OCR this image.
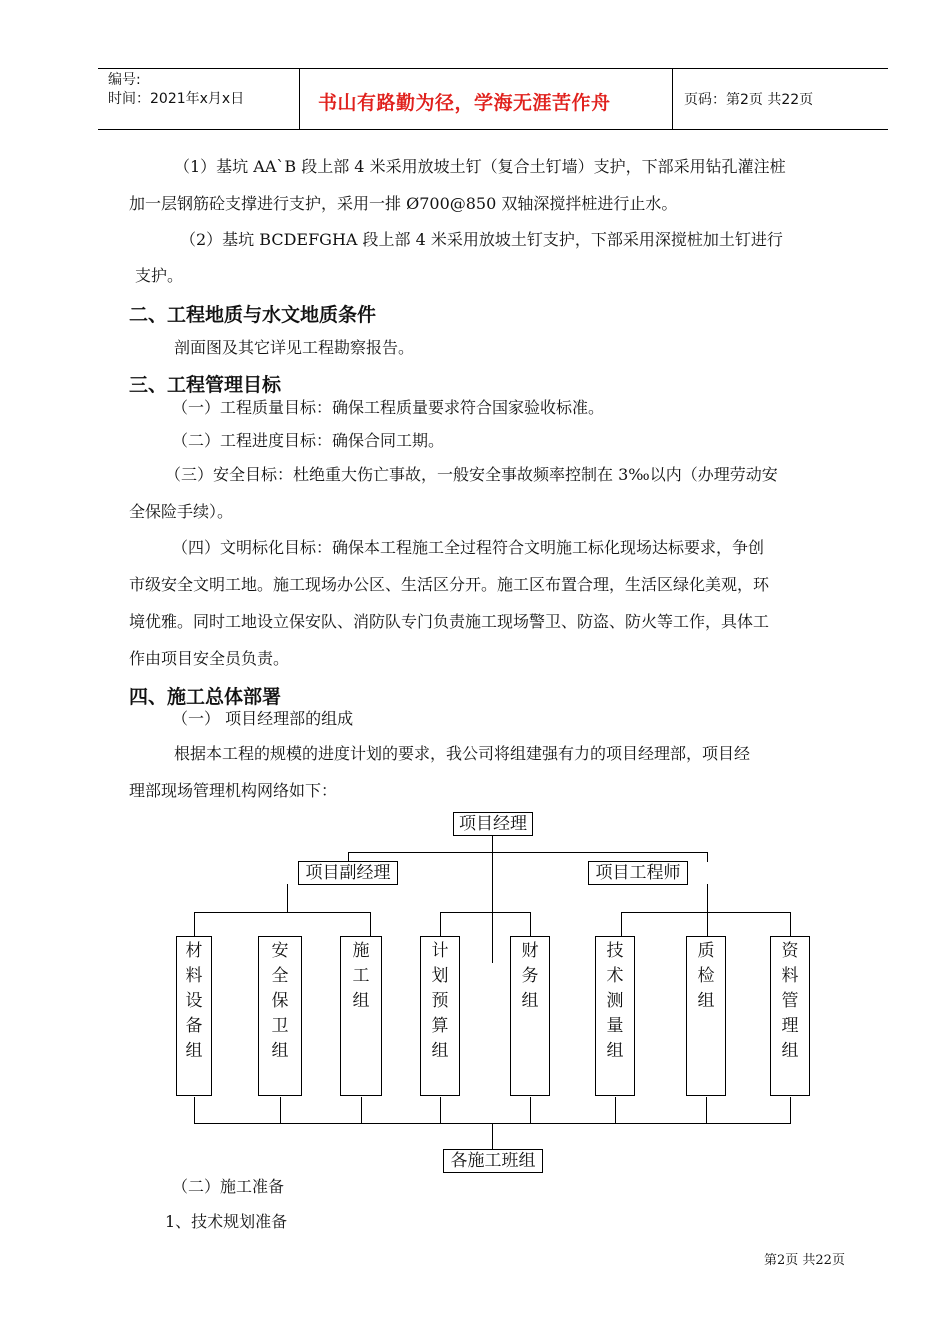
编号:
时间：2021年x月x日	书山有路勤为径，学海无涯苦作舟	页码：第2页 共22页
（1）基坑 AA`B 段上部 4 米采用放坡土钉（复合土钉墙）支护，下部采用钻孔灌注桩
加一层钢筋砼支撑进行支护，采用一排 Ø700@850 双轴深搅拌桩进行止水。
（2）基坑 BCDEFGHA 段上部 4 米采用放坡土钉支护，下部采用深搅桩加土钉进行
支护。
二、工程地质与水文地质条件
剖面图及其它详见工程勘察报告。
三、工程管理目标
（一）工程质量目标：确保工程质量要求符合国家验收标准。
（二）工程进度目标：确保合同工期。
（三）安全目标：杜绝重大伤亡事故，一般安全事故频率控制在 3‰以内（办理劳动安
全保险手续）。
（四）文明标化目标：确保本工程施工全过程符合文明施工标化现场达标要求，争创
市级安全文明工地。施工现场办公区、生活区分开。施工区布置合理，生活区绿化美观，环
境优雅。同时工地设立保安队、消防队专门负责施工现场警卫、防盗、防火等工作，具体工
作由项目安全员负责。
四、施工总体部署
（一） 项目经理部的组成
根据本工程的规模的进度计划的要求，我公司将组建强有力的项目经理部，项目经
理部现场管理机构网络如下：
项目经理
项目副经理	项目工程师
材
料
设
备
组
安
全
保
卫
组
施
工
组
计
划
预
算
组
财
务
组
技
术
测
量
组
质
检
组
资
料
管
理
组
各施工班组
（二）施工准备
1、技术规划准备
第2页 共22页
